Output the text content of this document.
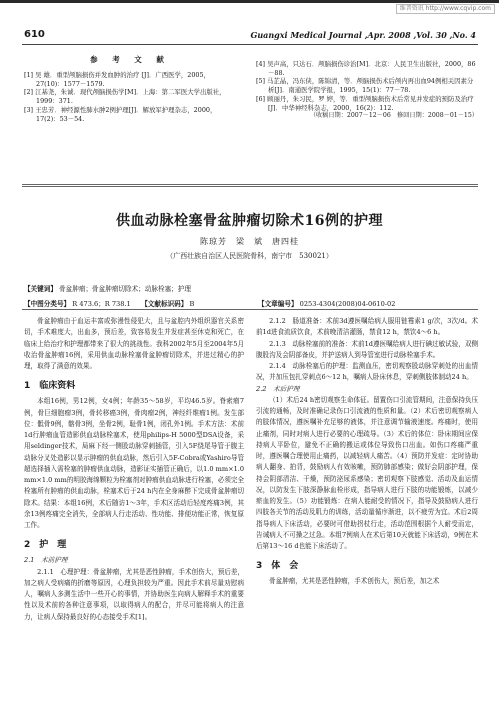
维普资讯 http://www.cqvip.com
610	Guangxi Medical Journal ,Apr. 2008 ,Vol. 30 ,No. 4
参 考 文 献

[1] 吴 雄．重型颅脑损伤并发血肿的治疗 [J]．广西医学，2005，27(10)：1577－1579.

[2] 江基尧，朱诚．现代颅脑损伤学[M]．上海：第二军医大学出版社，1999：371.

[3] 王忠芳．神经源性肺水肿2例护理[J]．解放军护理杂志，2000，17(2)：53－54.

[4] 吴声高，只达石．颅脑损伤诊治[M]．北京：人民卫生出版社，2000，86－88.

[5] 马芷晶，冯东侠，陈锦清，等．颅脑损伤术后颅内再出血94例相关因素分析[J]．南通医学院学报，1995，15(1)：77－78.

[6] 顾丽丹，朱习民，罗 婷，等．重型颅脑损伤术后常见并发症的预防及治疗[J]．中华神经科杂志，2000，16(2)：112.

（收稿日期：2007－12－06　修回日期：2008－01－15）
供血动脉栓塞骨盆肿瘤切除术16例的护理
陈琼芳　梁　斌　唐四桂
（广西壮族自治区人民医院骨科，南宁市　530021）
【关键词】 骨盆肿瘤；骨盆肿瘤切除术；动脉栓塞；护理
【中图分类号】 R 473.6；R 738.1 【文献标识码】 B	【文章编号】 0253-4304(2008)04-0610-02

骨盆肿瘤由于血运丰富或弥漫性侵犯大，且与盆腔内外组织器官关系密切，手术难度大，出血多，预后差，致容易发生并发症甚至休克和死亡，在临床上给治疗和护理都带来了很大的挑战性。我科2002年5月至2004年5月收治骨盆肿瘤16例，采用供血动脉栓塞骨盆肿瘤切除术，并进过精心的护理，取得了满意的效果。

1　临床资料

本组16例，男12例，女4例；年龄35～58岁，平均46.5岁。脊索瘤7例，骨巨细胞瘤3例，骨转移癌3例，骨肉瘤2例，神经纤维瘤1例。发生部位：骶骨9例，髂骨3例，坐骨2例，耻骨1例，闭孔外1例。手术方法：术前1d行肿瘤血管造影供血动脉栓塞术，使用philips-H 5000型DSA设备，采用seldinger技术，局麻下经一侧股动脉穿刺插管，引入5F绕尾导管于腹主动脉分叉处造影以显示肿瘤的供血动脉，然后引入5F-Cobra或Yashiro导管超选择插入需栓塞的肿瘤供血动脉，造影证实插管正确后，以1.0 mm×1.0 mm×1.0 mm的明胶海绵颗粒为栓塞剂对肿瘤供血动脉进行栓塞，必须完全栓塞所有肿瘤的供血动脉，栓塞术后于24 h内在全身麻醉下完成骨盆肿瘤切除术。结果：本组16例，术后随访1～3年，手术区活动后轻度疼痛3例，其余13例疼痛完全消失，全部病人行走活动、性功能、排便功能正常，恢复原工作。

2　护　理
2.1　术前护理

2.1.1　心理护理：骨盆肿瘤，尤其是恶性肿瘤，手术创伤大，预后差，加之病人受病痛的折磨等原因，心理负担较为严重。因此手术前尽量劝慰病人，嘱病人多测生活中一些开心的事情，并协助医生向病人解释手术的重要性以及术前的各种注意事项，以取得病人的配合，并尽可能将病人的注意力，让病人保持最良好的心态接受手术[1]。

2.1.2　肠道准备：术前3d遵医嘱给病人服用链霉素1 g/次，3次/d。术前1d进食流质饮食，术前晚清洁灌肠，禁食12 h，禁饮4～6 h。

2.1.3　动脉栓塞前的准备：术前1d遵医嘱给病人进行碘过敏试验，双侧腹股沟及会阴部备皮，并护送病人到导管室进行动脉栓塞手术。

2.1.4　动脉栓塞后的护理：监测血压，密切观察股动脉穿刺处的出血情况，并加压包扎穿刺点6～12 h，嘱病人卧床休息，穿刺侧肢体制动24 h。

2.2　术后护理

（1）术后24 h密切观察生命体征。留置伤口引流管期间，注意保持负压引流的通畅，及时准确记录伤口引流液的性质和量。（2）术后密切观察病人的肢体情况，遵医嘱补充足够的液体，并注意调节输液速度。疼痛时，使用止痛剂，同时对病人进行必要的心理疏导。（3）术后的体位：卧床期间应保持病人平卧位，避免不正确的搬运或体位导致伤口出血。如伤口疼痛严重时，遵医嘱合理使用止痛药，以减轻病人痛苦。（4）预防并发症：定时协助病人翻身、拍背，鼓励病人有效咳嗽，预防肺部感染；做好会阴部护理，保持会阴部清洁、干燥，预防泌尿系感染；密切观察下肢感觉、活动及血运情况，以防发生下肢深静脉血栓形成，指导病人进行下肢的功能锻炼，以减少瘀血的发生。（5）功能锻炼：在病人能耐受的情况下，指导及鼓励病人进行四肢各关节的活动及肌力的训练，活动量循序渐进，以不疲劳为宜。术后2周指导病人下床活动，必要时可借助拐杖行走，活动范围根据个人耐受而定，告诫病人不可操之过急。本组7例病人在术后第10天就能下床活动，9例在术后第13～16 d也能下床活动了。

3　体　会

骨盆肿瘤，尤其是恶性肿瘤，手术创伤大，预后差，加之术
